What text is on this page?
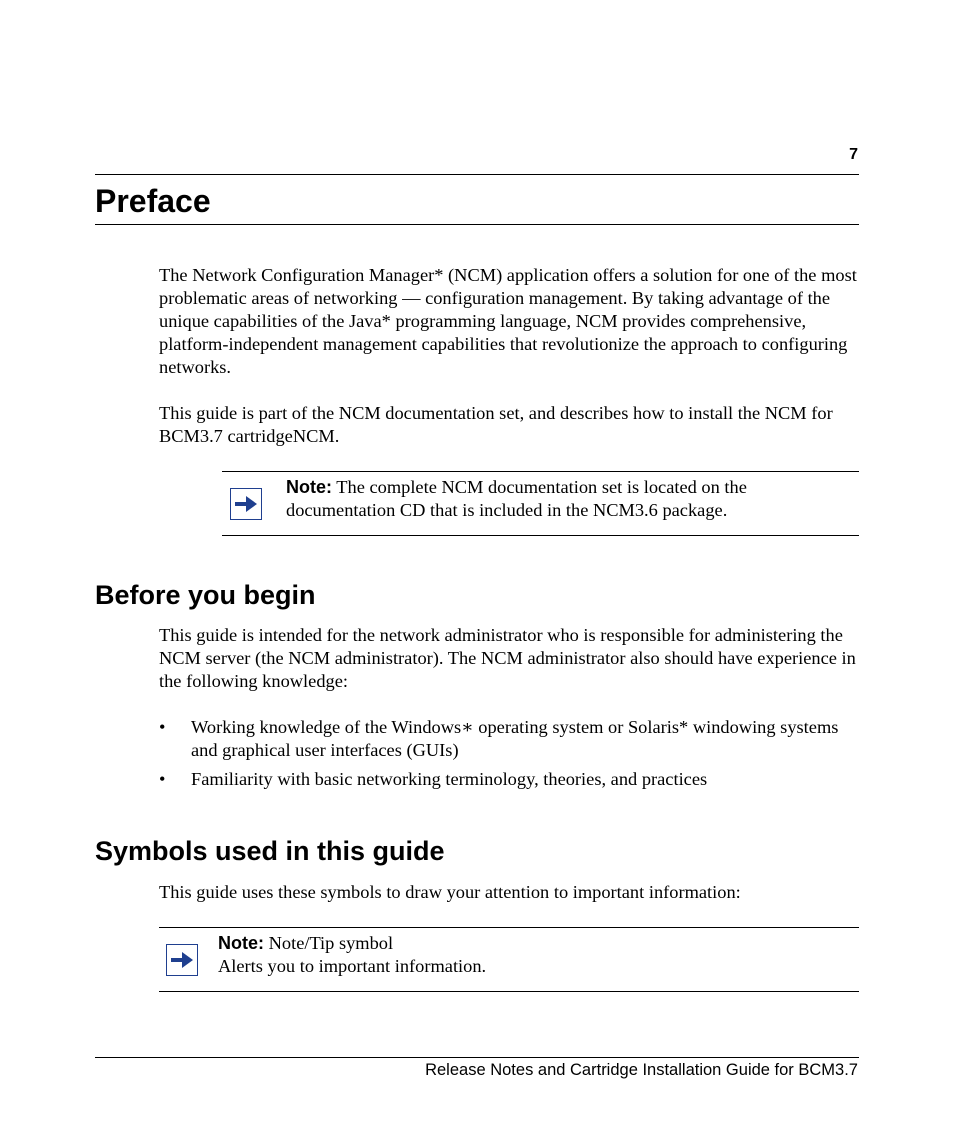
7
Preface

The Network Configuration Manager* (NCM) application offers a solution for one of the most problematic areas of networking — configuration management. By taking advantage of the unique capabilities of the Java* programming language, NCM provides comprehensive, platform-independent management capabilities that revolutionize the approach to configuring networks.

This guide is part of the NCM documentation set, and describes how to install the NCM for BCM3.7 cartridgeNCM.

Note: The complete NCM documentation set is located on the documentation CD that is included in the NCM3.6 package.
Before you begin

This guide is intended for the network administrator who is responsible for administering the NCM server (the NCM administrator). The NCM administrator also should have experience in the following knowledge:

• Working knowledge of the Windows∗ operating system or Solaris* windowing systems and graphical user interfaces (GUIs)
• Familiarity with basic networking terminology, theories, and practices
Symbols used in this guide

This guide uses these symbols to draw your attention to important information:

Note: Note/Tip symbol
Alerts you to important information.
Release Notes and Cartridge Installation Guide for BCM3.7
